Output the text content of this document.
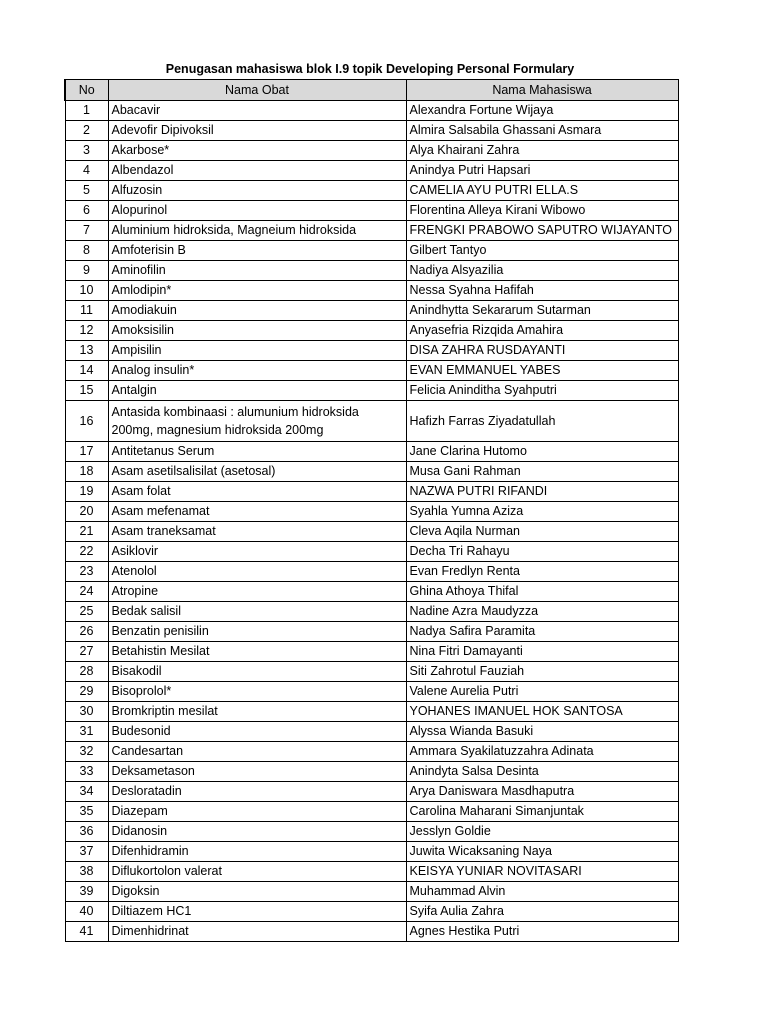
Penugasan mahasiswa blok I.9 topik Developing Personal Formulary
No	Nama Obat	Nama Mahasiswa
1	Abacavir	Alexandra Fortune Wijaya
2	Adevofir Dipivoksil	Almira Salsabila Ghassani Asmara
3	Akarbose*	Alya Khairani Zahra
4	Albendazol	Anindya Putri Hapsari
5	Alfuzosin	CAMELIA AYU PUTRI ELLA.S
6	Alopurinol	Florentina Alleya Kirani Wibowo
7	Aluminium hidroksida, Magneium hidroksida	FRENGKI PRABOWO SAPUTRO WIJAYANTO
8	Amfoterisin B	Gilbert Tantyo
9	Aminofilin	Nadiya Alsyazilia
10	Amlodipin*	Nessa Syahna Hafifah
11	Amodiakuin	Anindhytta Sekararum Sutarman
12	Amoksisilin	Anyasefria Rizqida Amahira
13	Ampisilin	DISA ZAHRA RUSDAYANTI
14	Analog insulin*	EVAN EMMANUEL YABES
15	Antalgin	Felicia Aninditha Syahputri
16	Antasida kombinaasi : alumunium hidroksida 200mg, magnesium hidroksida 200mg	Hafizh Farras Ziyadatullah
17	Antitetanus Serum	Jane Clarina Hutomo
18	Asam asetilsalisilat (asetosal)	Musa Gani Rahman
19	Asam folat	NAZWA PUTRI RIFANDI
20	Asam mefenamat	Syahla Yumna Aziza
21	Asam traneksamat	Cleva Aqila Nurman
22	Asiklovir	Decha Tri Rahayu
23	Atenolol	Evan Fredlyn Renta
24	Atropine	Ghina Athoya Thifal
25	Bedak salisil	Nadine Azra Maudyzza
26	Benzatin penisilin	Nadya Safira Paramita
27	Betahistin Mesilat	Nina Fitri Damayanti
28	Bisakodil	Siti Zahrotul Fauziah
29	Bisoprolol*	Valene Aurelia Putri
30	Bromkriptin mesilat	YOHANES IMANUEL HOK SANTOSA
31	Budesonid	Alyssa Wianda Basuki
32	Candesartan	Ammara Syakilatuzzahra Adinata
33	Deksametason	Anindyta Salsa Desinta
34	Desloratadin	Arya Daniswara Masdhaputra
35	Diazepam	Carolina Maharani Simanjuntak
36	Didanosin	Jesslyn Goldie
37	Difenhidramin	Juwita Wicaksaning Naya
38	Diflukortolon valerat	KEISYA YUNIAR NOVITASARI
39	Digoksin	Muhammad Alvin
40	Diltiazem HC1	Syifa Aulia Zahra
41	Dimenhidrinat	Agnes Hestika Putri
